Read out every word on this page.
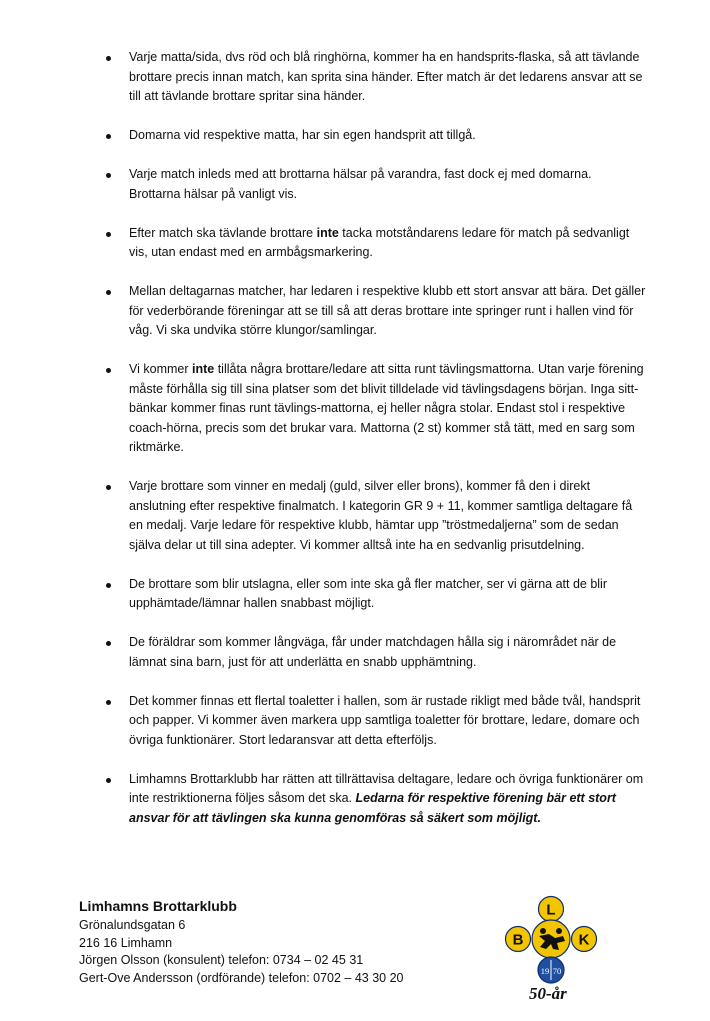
Varje matta/sida, dvs röd och blå ringhörna, kommer ha en handsprits-flaska, så att tävlande brottare precis innan match, kan sprita sina händer. Efter match är det ledarens ansvar att se till att tävlande brottare spritar sina händer.
Domarna vid respektive matta, har sin egen handsprit att tillgå.
Varje match inleds med att brottarna hälsar på varandra, fast dock ej med domarna. Brottarna hälsar på vanligt vis.
Efter match ska tävlande brottare inte tacka motståndarens ledare för match på sedvanligt vis, utan endast med en armbågsmarkering.
Mellan deltagarnas matcher, har ledaren i respektive klubb ett stort ansvar att bära. Det gäller för vederbörande föreningar att se till så att deras brottare inte springer runt i hallen vind för våg. Vi ska undvika större klungor/samlingar.
Vi kommer inte tillåta några brottare/ledare att sitta runt tävlingsmattorna. Utan varje förening måste förhålla sig till sina platser som det blivit tilldelade vid tävlingsdagens början. Inga sitt-bänkar kommer finas runt tävlings-mattorna, ej heller några stolar. Endast stol i respektive coach-hörna, precis som det brukar vara. Mattorna (2 st) kommer stå tätt, med en sarg som riktmärke.
Varje brottare som vinner en medalj (guld, silver eller brons), kommer få den i direkt anslutning efter respektive finalmatch. I kategorin GR 9 + 11, kommer samtliga deltagare få en medalj. Varje ledare för respektive klubb, hämtar upp ”tröstmedaljerna” som de sedan själva delar ut till sina adepter. Vi kommer alltså inte ha en sedvanlig prisutdelning.
De brottare som blir utslagna, eller som inte ska gå fler matcher, ser vi gärna att de blir upphämtade/lämnar hallen snabbast möjligt.
De föräldrar som kommer långväga, får under matchdagen hålla sig i närområdet när de lämnat sina barn, just för att underlätta en snabb upphämtning.
Det kommer finnas ett flertal toaletter i hallen, som är rustade rikligt med både tvål, handsprit och papper. Vi kommer även markera upp samtliga toaletter för brottare, ledare, domare och övriga funktionärer. Stort ledaransvar att detta efterföljs.
Limhamns Brottarklubb har rätten att tillrättavisa deltagare, ledare och övriga funktionärer om inte restriktionerna följes såsom det ska. Ledarna för respektive förening bär ett stort ansvar för att tävlingen ska kunna genomföras så säkert som möjligt.
Limhamns Brottarklubb
Grönalundsgatan 6
216 16 Limhamn
Jörgen Olsson (konsulent) telefon: 0734 – 02 45 31
Gert-Ove Andersson (ordförande) telefon: 0702 – 43 30 20
L
B	K
19 70
50-år
